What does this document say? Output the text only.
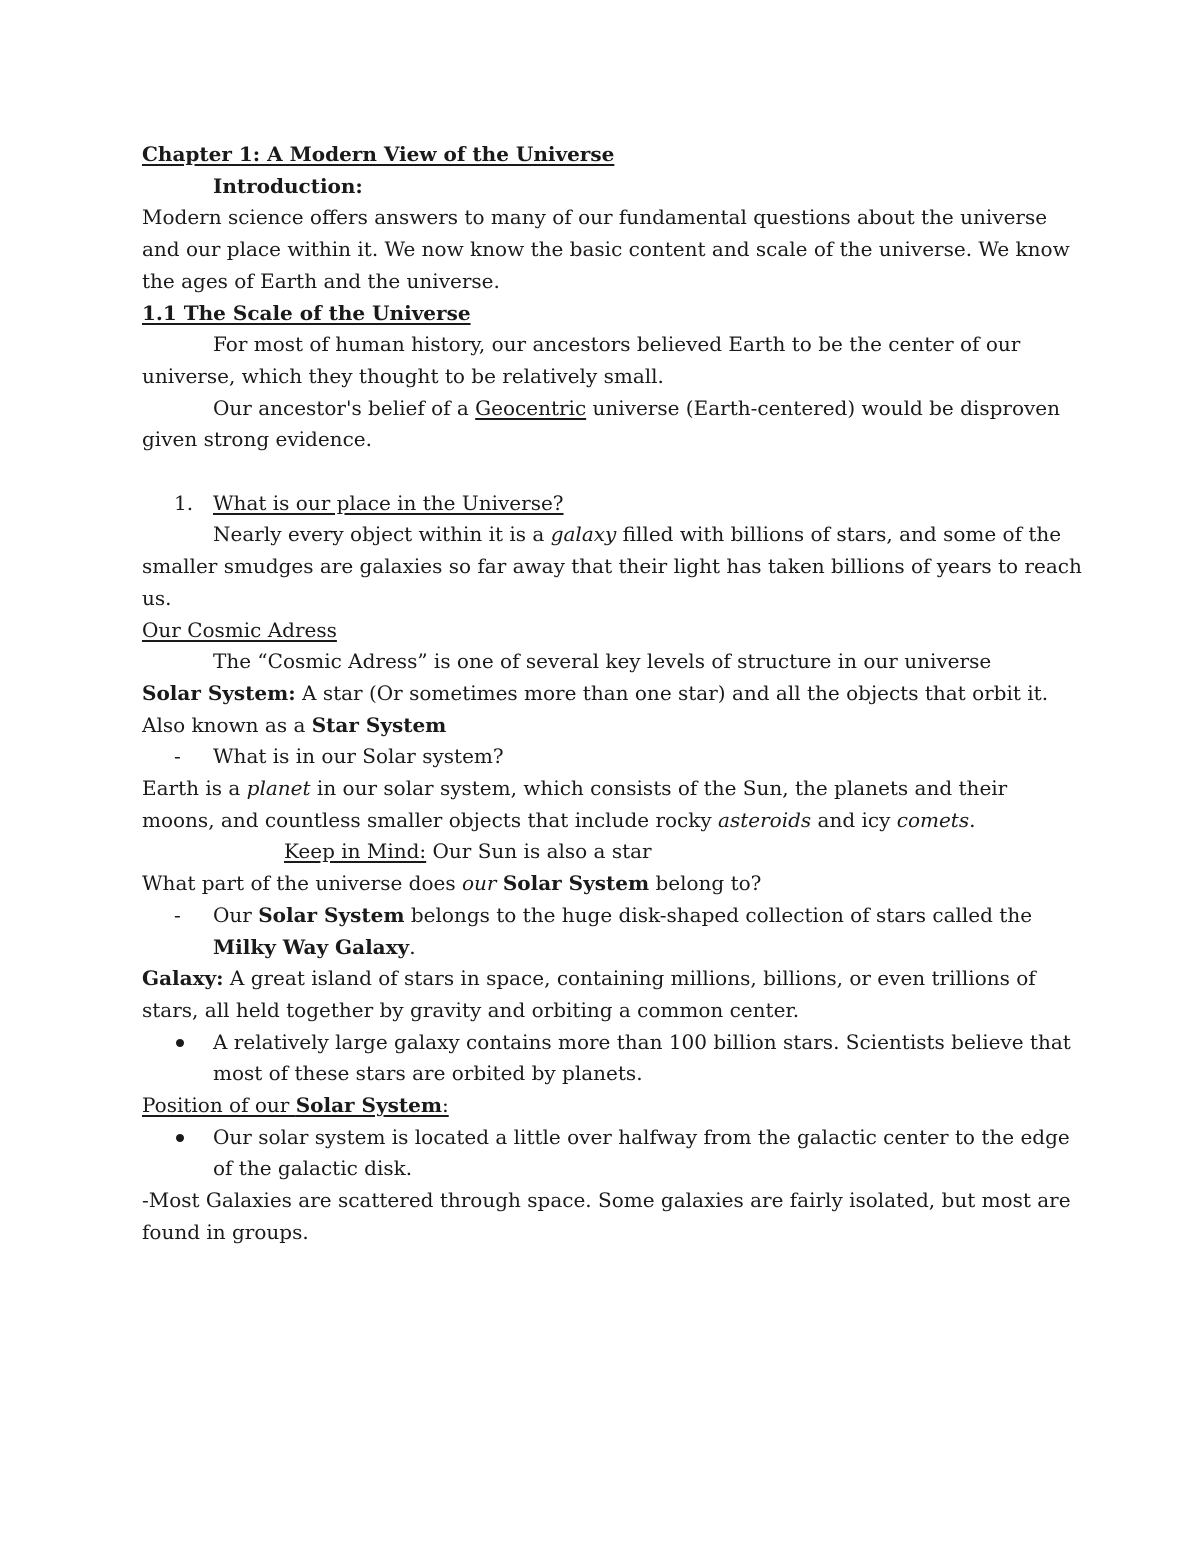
Chapter 1: A Modern View of the Universe
Introduction:
Modern science offers answers to many of our fundamental questions about the universe
and our place within it. We now know the basic content and scale of the universe. We know
the ages of Earth and the universe.
1.1 The Scale of the Universe
For most of human history, our ancestors believed Earth to be the center of our
universe, which they thought to be relatively small.
Our ancestor's belief of a Geocentric universe (Earth-centered) would be disproven
given strong evidence.
1. What is our place in the Universe?
Nearly every object within it is a galaxy filled with billions of stars, and some of the
smaller smudges are galaxies so far away that their light has taken billions of years to reach
us.
Our Cosmic Adress
The “Cosmic Adress” is one of several key levels of structure in our universe
Solar System: A star (Or sometimes more than one star) and all the objects that orbit it.
Also known as a Star System
- What is in our Solar system?
Earth is a planet in our solar system, which consists of the Sun, the planets and their
moons, and countless smaller objects that include rocky asteroids and icy comets.
Keep in Mind: Our Sun is also a star
What part of the universe does our Solar System belong to?
- Our Solar System belongs to the huge disk-shaped collection of stars called the
Milky Way Galaxy.
Galaxy: A great island of stars in space, containing millions, billions, or even trillions of
stars, all held together by gravity and orbiting a common center.
A relatively large galaxy contains more than 100 billion stars. Scientists believe that
most of these stars are orbited by planets.
Position of our Solar System:
Our solar system is located a little over halfway from the galactic center to the edge
of the galactic disk.
-Most Galaxies are scattered through space. Some galaxies are fairly isolated, but most are
found in groups.
